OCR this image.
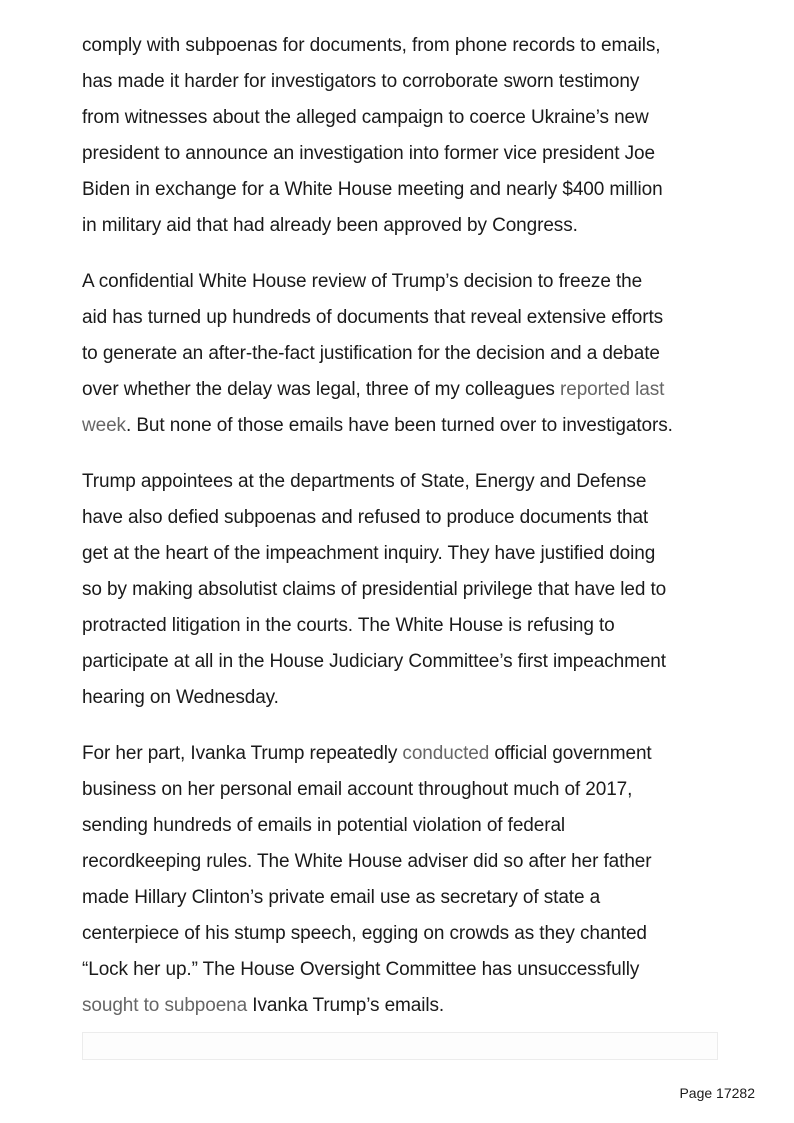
comply with subpoenas for documents, from phone records to emails,
has made it harder for investigators to corroborate sworn testimony
from witnesses about the alleged campaign to coerce Ukraine’s new
president to announce an investigation into former vice president Joe
Biden in exchange for a White House meeting and nearly $400 million
in military aid that had already been approved by Congress.

A confidential White House review of Trump’s decision to freeze the
aid has turned up hundreds of documents that reveal extensive efforts
to generate an after-the-fact justification for the decision and a debate
over whether the delay was legal, three of my colleagues reported last
week. But none of those emails have been turned over to investigators.

Trump appointees at the departments of State, Energy and Defense
have also defied subpoenas and refused to produce documents that
get at the heart of the impeachment inquiry. They have justified doing
so by making absolutist claims of presidential privilege that have led to
protracted litigation in the courts. The White House is refusing to
participate at all in the House Judiciary Committee’s first impeachment
hearing on Wednesday.

For her part, Ivanka Trump repeatedly conducted official government
business on her personal email account throughout much of 2017,
sending hundreds of emails in potential violation of federal
recordkeeping rules. The White House adviser did so after her father
made Hillary Clinton’s private email use as secretary of state a
centerpiece of his stump speech, egging on crowds as they chanted
“Lock her up.” The House Oversight Committee has unsuccessfully
sought to subpoena Ivanka Trump’s emails.

Page 17282
